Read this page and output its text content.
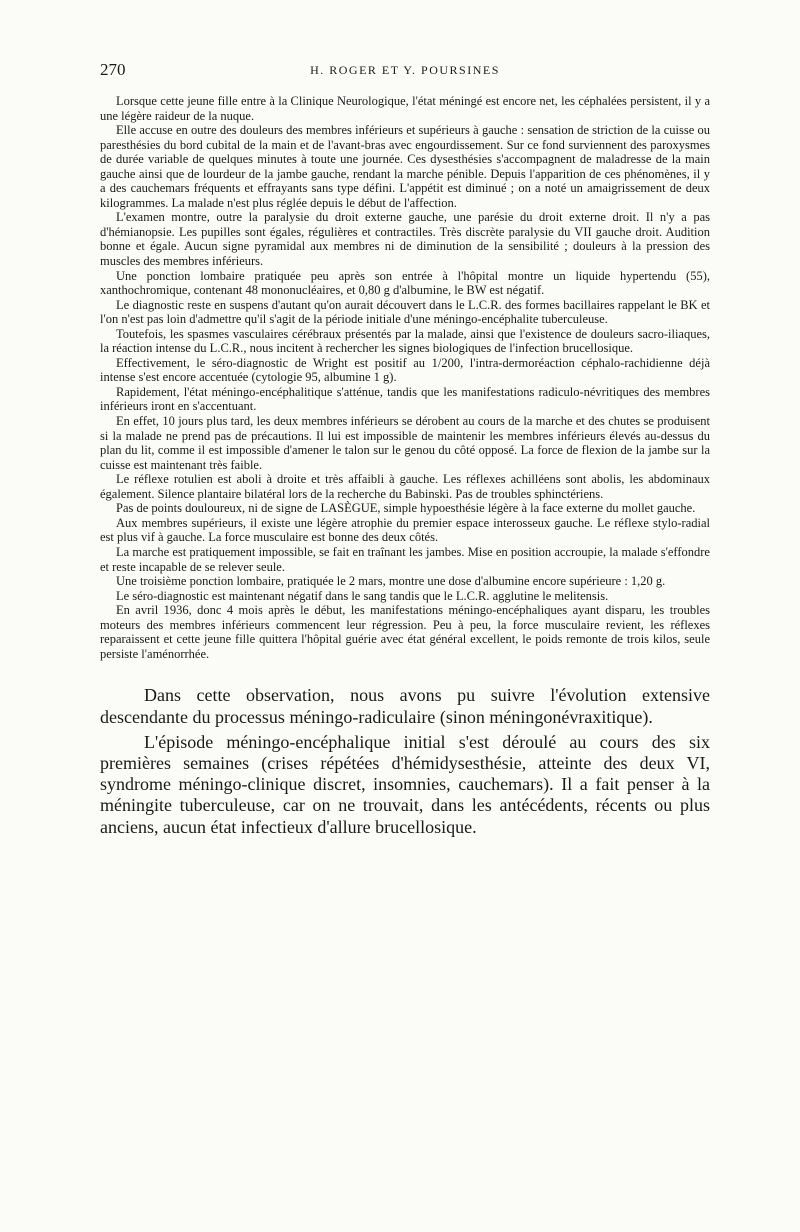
270	H. ROGER ET Y. POURSINES

Lorsque cette jeune fille entre à la Clinique Neurologique, l'état méningé est encore net, les céphalées persistent, il y a une légère raideur de la nuque.

Elle accuse en outre des douleurs des membres inférieurs et supérieurs à gauche : sensation de striction de la cuisse ou paresthésies du bord cubital de la main et de l'avant-bras avec engourdissement. Sur ce fond surviennent des paroxysmes de durée variable de quelques minutes à toute une journée. Ces dysesthésies s'accompagnent de maladresse de la main gauche ainsi que de lourdeur de la jambe gauche, rendant la marche pénible. Depuis l'apparition de ces phénomènes, il y a des cauchemars fréquents et effrayants sans type défini. L'appétit est diminué ; on a noté un amaigrissement de deux kilogrammes. La malade n'est plus réglée depuis le début de l'affection.

L'examen montre, outre la paralysie du droit externe gauche, une parésie du droit externe droit. Il n'y a pas d'hémianopsie. Les pupilles sont égales, régulières et contractiles. Très discrète paralysie du VII gauche droit. Audition bonne et égale. Aucun signe pyramidal aux membres ni de diminution de la sensibilité ; douleurs à la pression des muscles des membres inférieurs.

Une ponction lombaire pratiquée peu après son entrée à l'hôpital montre un liquide hypertendu (55), xanthochromique, contenant 48 mononucléaires, et 0,80 g d'albumine, le BW est négatif.

Le diagnostic reste en suspens d'autant qu'on aurait découvert dans le L.C.R. des formes bacillaires rappelant le BK et l'on n'est pas loin d'admettre qu'il s'agit de la période initiale d'une méningo-encéphalite tuberculeuse.

Toutefois, les spasmes vasculaires cérébraux présentés par la malade, ainsi que l'existence de douleurs sacro-iliaques, la réaction intense du L.C.R., nous incitent à rechercher les signes biologiques de l'infection brucellosique.

Effectivement, le séro-diagnostic de Wright est positif au 1/200, l'intra-dermoréaction céphalo-rachidienne déjà intense s'est encore accentuée (cytologie 95, albumine 1 g).

Rapidement, l'état méningo-encéphalitique s'atténue, tandis que les manifestations radiculo-névritiques des membres inférieurs iront en s'accentuant.

En effet, 10 jours plus tard, les deux membres inférieurs se dérobent au cours de la marche et des chutes se produisent si la malade ne prend pas de précautions. Il lui est impossible de maintenir les membres inférieurs élevés au-dessus du plan du lit, comme il est impossible d'amener le talon sur le genou du côté opposé. La force de flexion de la jambe sur la cuisse est maintenant très faible.

Le réflexe rotulien est aboli à droite et très affaibli à gauche. Les réflexes achilléens sont abolis, les abdominaux également. Silence plantaire bilatéral lors de la recherche du Babinski. Pas de troubles sphinctériens.

Pas de points douloureux, ni de signe de LASÈGUE, simple hypoesthésie légère à la face externe du mollet gauche.

Aux membres supérieurs, il existe une légère atrophie du premier espace interosseux gauche. Le réflexe stylo-radial est plus vif à gauche. La force musculaire est bonne des deux côtés.

La marche est pratiquement impossible, se fait en traînant les jambes. Mise en position accroupie, la malade s'effondre et reste incapable de se relever seule.

Une troisième ponction lombaire, pratiquée le 2 mars, montre une dose d'albumine encore supérieure : 1,20 g.

Le séro-diagnostic est maintenant négatif dans le sang tandis que le L.C.R. agglutine le melitensis.

En avril 1936, donc 4 mois après le début, les manifestations méningo-encéphaliques ayant disparu, les troubles moteurs des membres inférieurs commencent leur régression. Peu à peu, la force musculaire revient, les réflexes reparaissent et cette jeune fille quittera l'hôpital guérie avec état général excellent, le poids remonte de trois kilos, seule persiste l'aménorrhée.

Dans cette observation, nous avons pu suivre l'évolution extensive descendante du processus méningo-radiculaire (sinon méningonévraxitique).

L'épisode méningo-encéphalique initial s'est déroulé au cours des six premières semaines (crises répétées d'hémidysesthésie, atteinte des deux VI, syndrome méningo-clinique discret, insomnies, cauchemars). Il a fait penser à la méningite tuberculeuse, car on ne trouvait, dans les antécédents, récents ou plus anciens, aucun état infectieux d'allure brucellosique.
